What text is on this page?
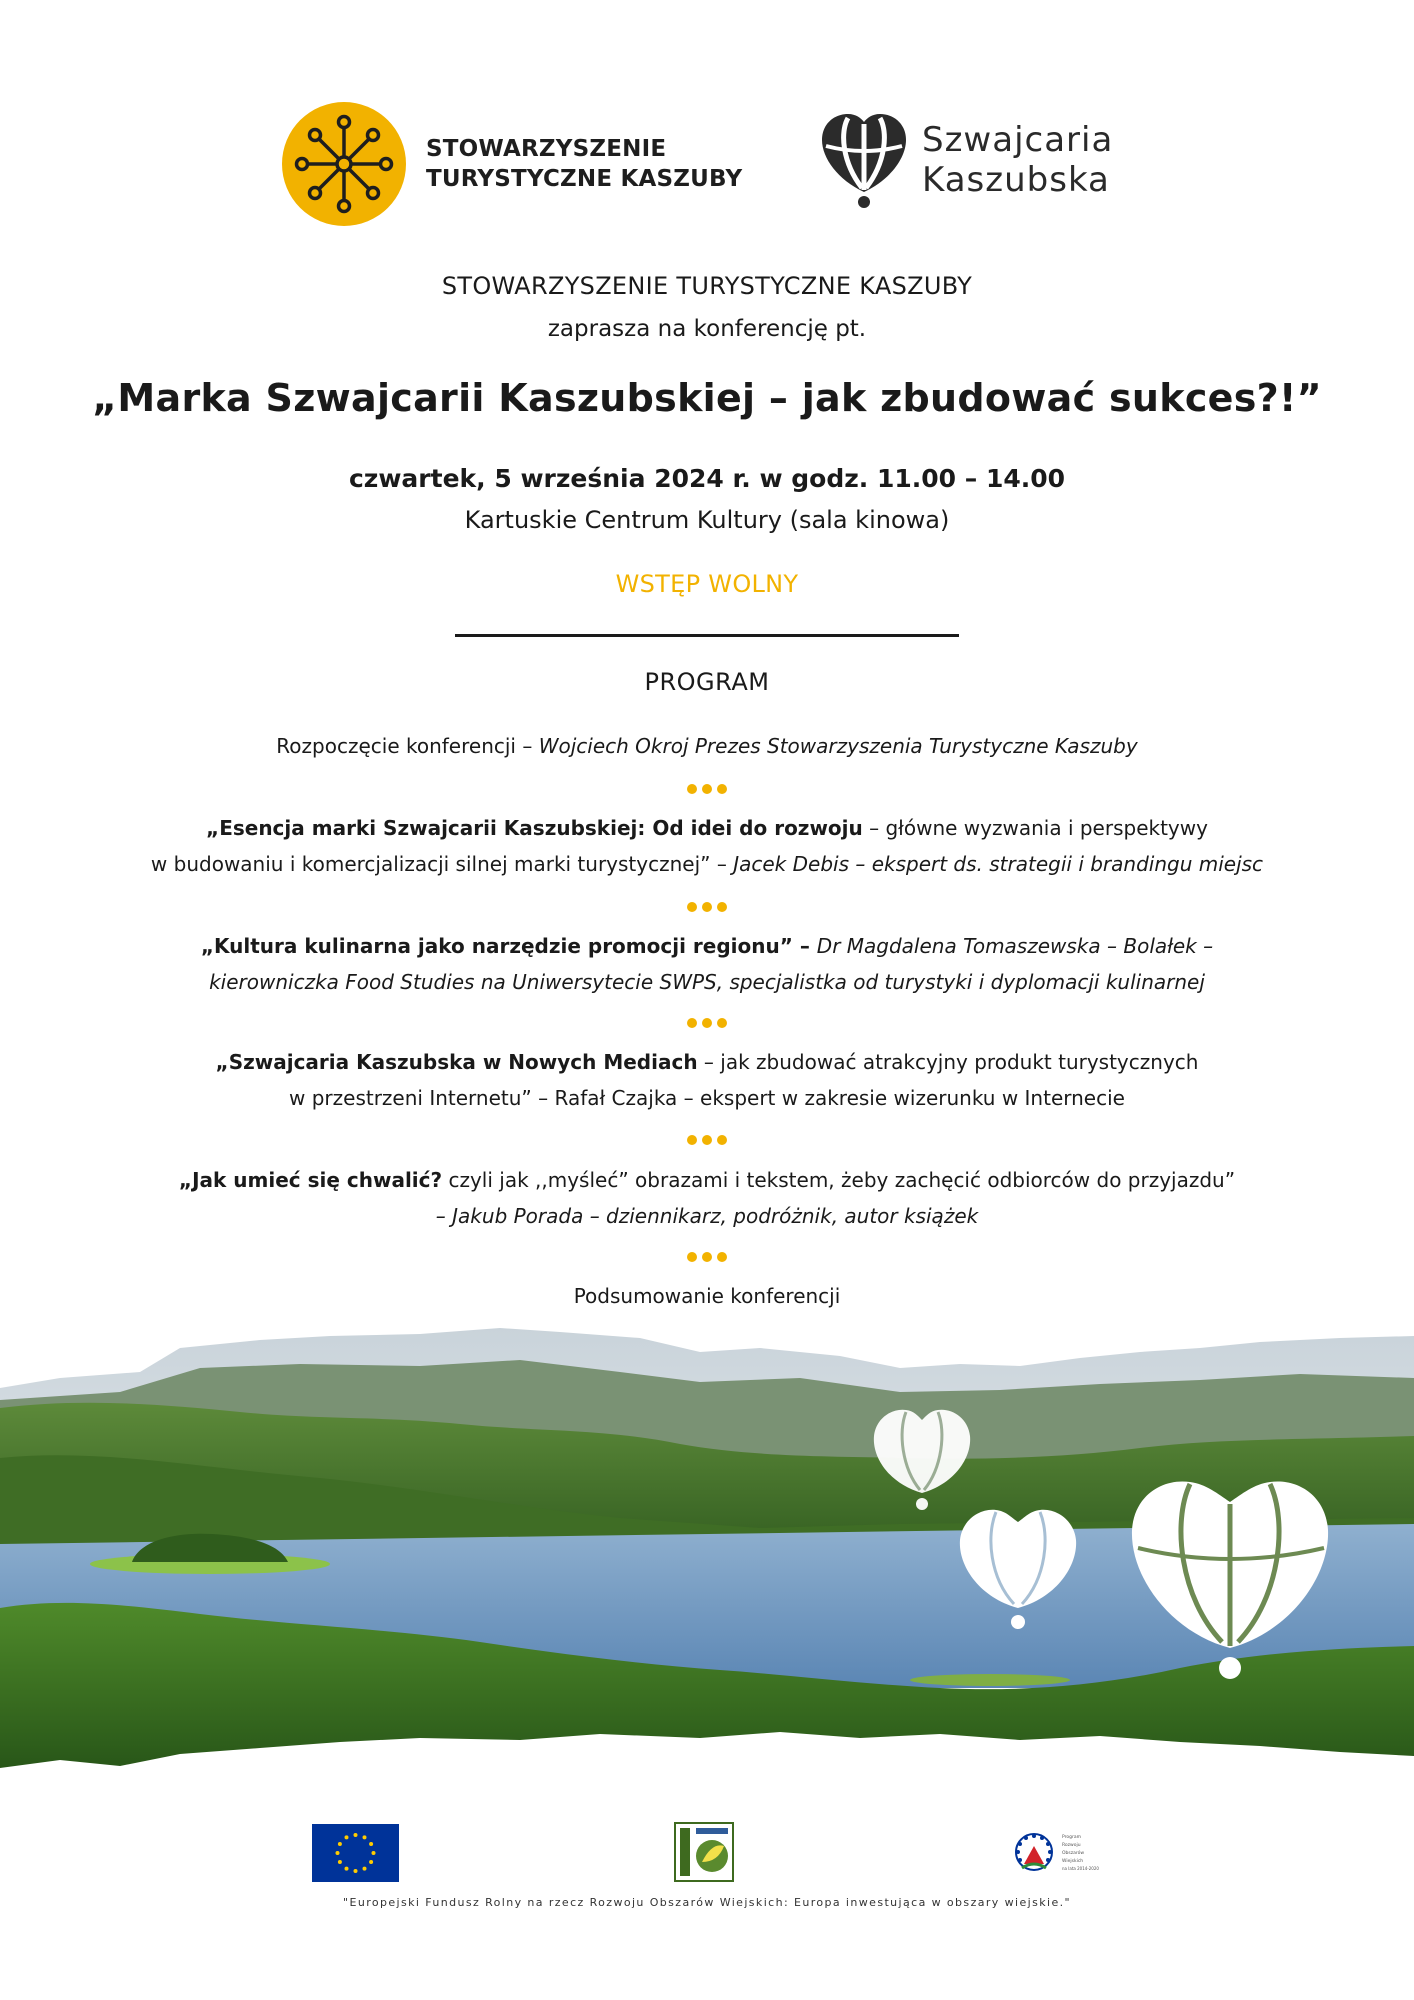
STOWARZYSZENIE
TURYSTYCZNE KASZUBY
Szwajcaria
Kaszubska
STOWARZYSZENIE TURYSTYCZNE KASZUBY
zaprasza na konferencję pt.
„Marka Szwajcarii Kaszubskiej – jak zbudować sukces?!”
czwartek, 5 września 2024 r. w godz. 11.00 – 14.00
Kartuskie Centrum Kultury (sala kinowa)
WSTĘP WOLNY
PROGRAM
Rozpoczęcie konferencji – Wojciech Okroj Prezes Stowarzyszenia Turystyczne Kaszuby
„Esencja marki Szwajcarii Kaszubskiej: Od idei do rozwoju – główne wyzwania i perspektywy
w budowaniu i komercjalizacji silnej marki turystycznej” – Jacek Debis – ekspert ds. strategii i brandingu miejsc
„Kultura kulinarna jako narzędzie promocji regionu” – Dr Magdalena Tomaszewska – Bolałek –
kierowniczka Food Studies na Uniwersytecie SWPS, specjalistka od turystyki i dyplomacji kulinarnej
„Szwajcaria Kaszubska w Nowych Mediach – jak zbudować atrakcyjny produkt turystycznych
w przestrzeni Internetu” – Rafał Czajka – ekspert w zakresie wizerunku w Internecie
„Jak umieć się chwalić? czyli jak ,,myśleć” obrazami i tekstem, żeby zachęcić odbiorców do przyjazdu”
– Jakub Porada – dziennikarz, podróżnik, autor książek
Podsumowanie konferencji
Program
Rozwoju
Obszarów
Wiejskich
na lata 2014-2020
"Europejski Fundusz Rolny na rzecz Rozwoju Obszarów Wiejskich: Europa inwestująca w obszary wiejskie."
